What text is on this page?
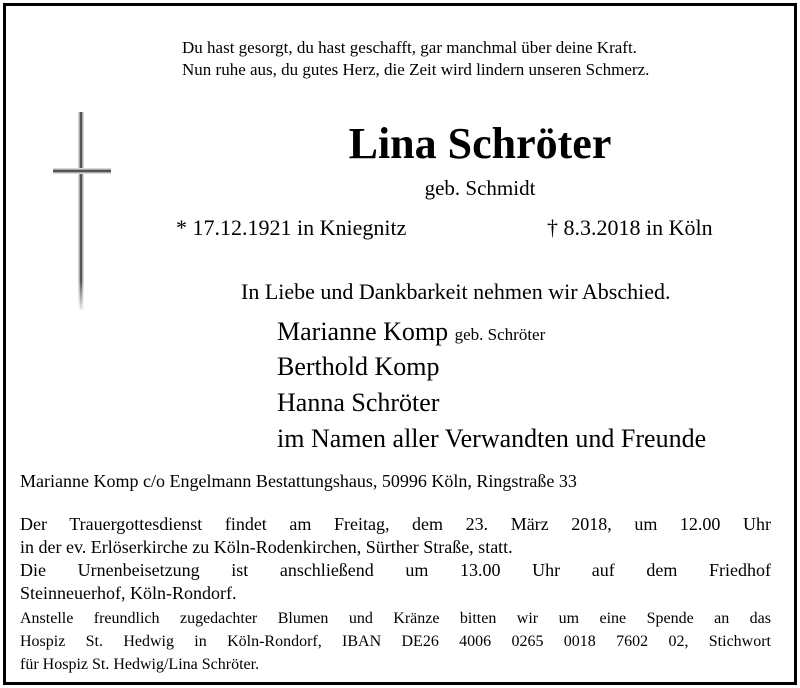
Du hast gesorgt, du hast geschafft, gar manchmal über deine Kraft.
Nun ruhe aus, du gutes Herz, die Zeit wird lindern unseren Schmerz.
Lina Schröter
geb. Schmidt
* 17.12.1921 in Kniegnitz	† 8.3.2018 in Köln
In Liebe und Dankbarkeit nehmen wir Abschied.
Marianne Komp geb. Schröter
Berthold Komp
Hanna Schröter
im Namen aller Verwandten und Freunde
Marianne Komp c/o Engelmann Bestattungshaus, 50996 Köln, Ringstraße 33
Der Trauergottesdienst findet am Freitag, dem 23. März 2018, um 12.00 Uhr
in der ev. Erlöserkirche zu Köln-Rodenkirchen, Sürther Straße, statt.
Die Urnenbeisetzung ist anschließend um 13.00 Uhr auf dem Friedhof
Steinneuerhof, Köln-Rondorf.
Anstelle freundlich zugedachter Blumen und Kränze bitten wir um eine Spende an das
Hospiz St. Hedwig in Köln-Rondorf, IBAN DE26 4006 0265 0018 7602 02, Stichwort
für Hospiz St. Hedwig/Lina Schröter.
